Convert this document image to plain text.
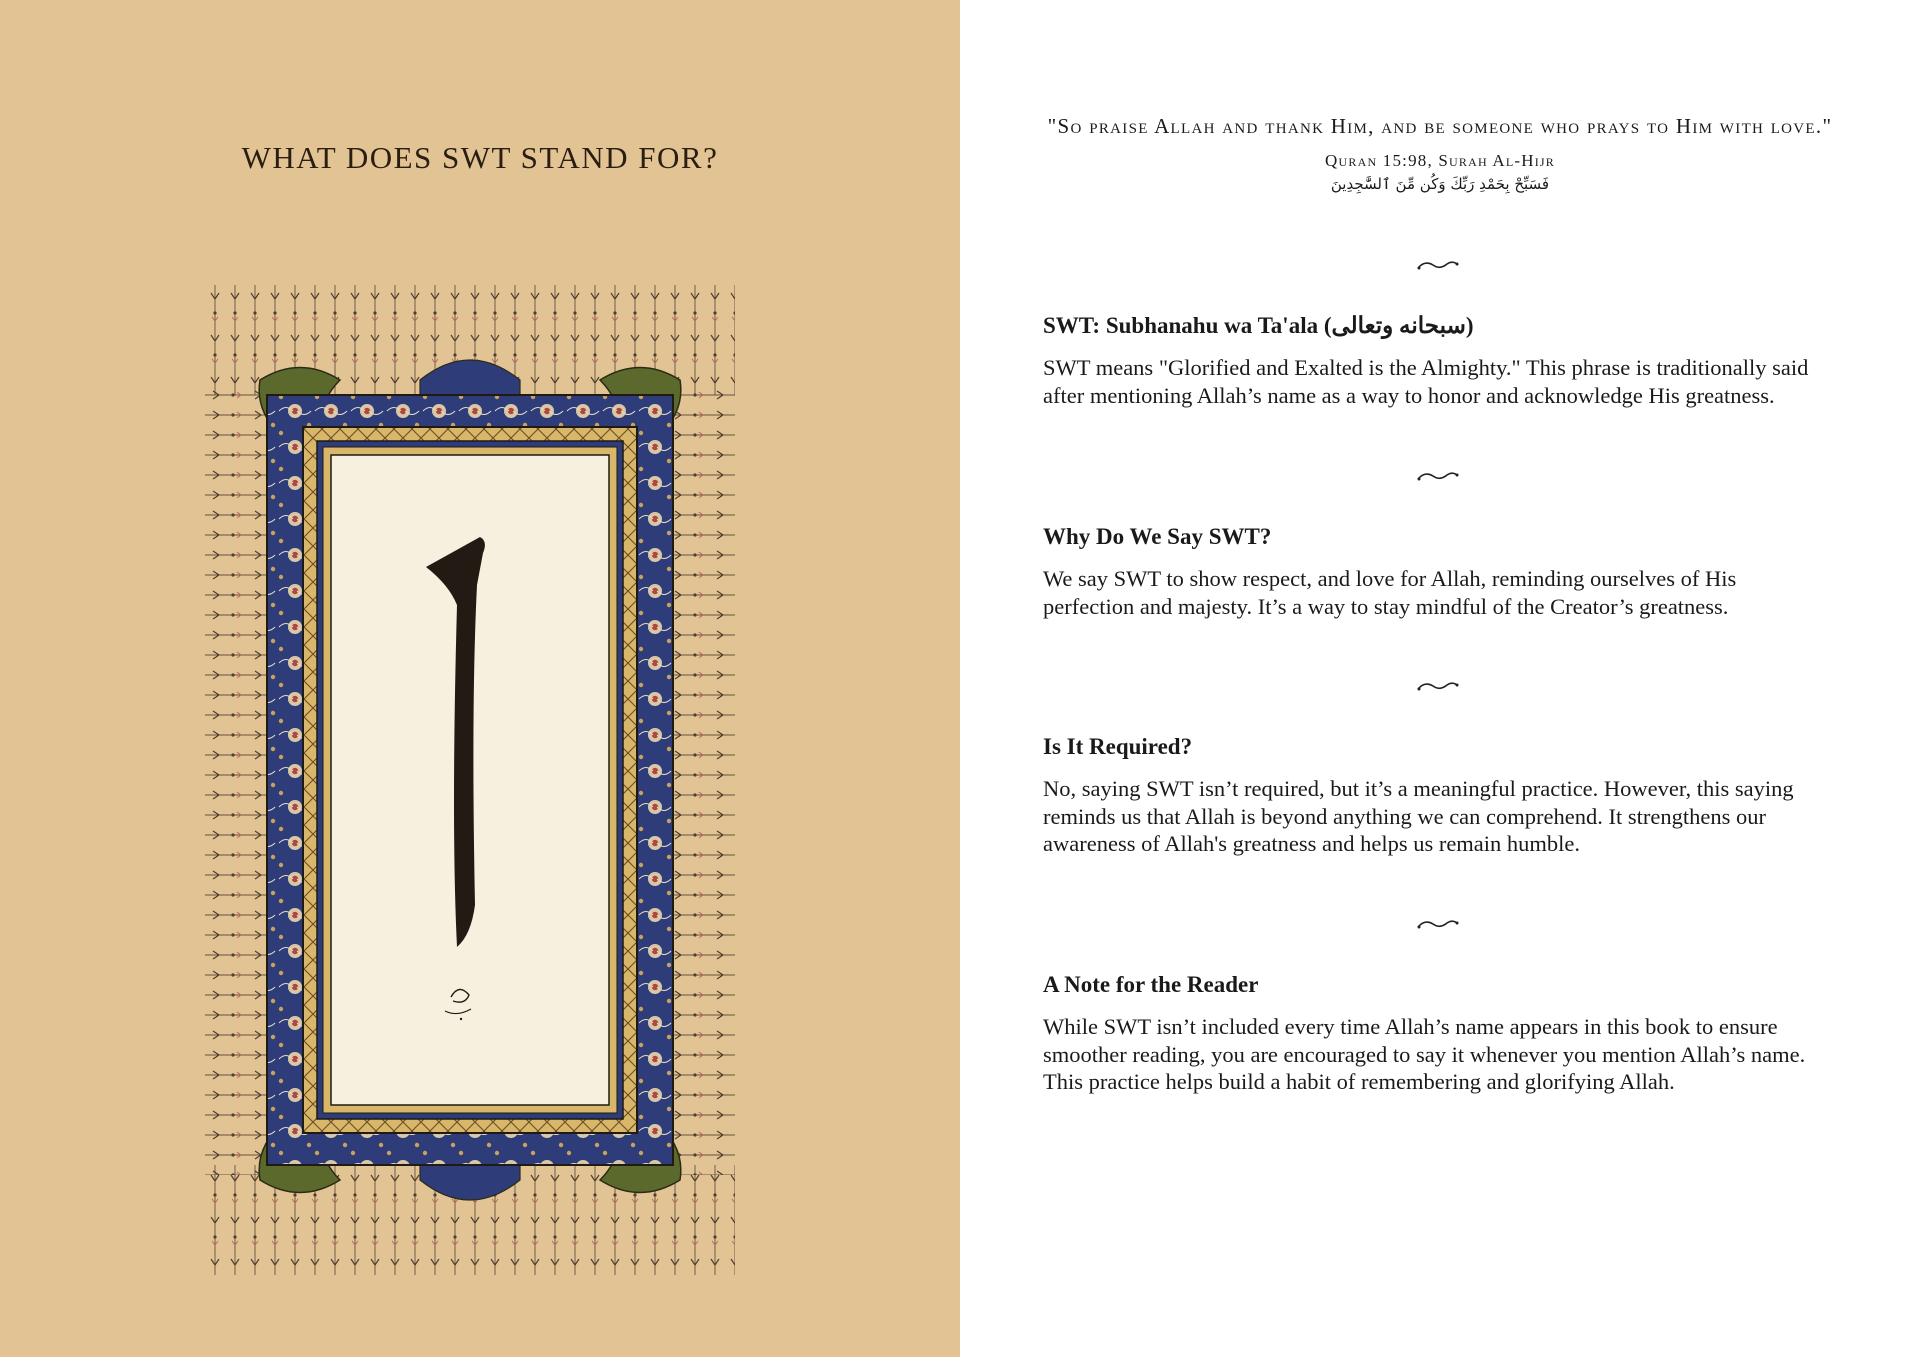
WHAT DOES SWT STAND FOR?
"So praise Allah and thank Him, and be someone who prays to Him with love."
Quran 15:98, Surah Al-Hijr
فَسَبِّحْ بِحَمْدِ رَبِّكَ وَكُن مِّنَ ٱلسَّٰجِدِينَ
SWT: Subhanahu wa Ta'ala (سبحانه وتعالى)

SWT means "Glorified and Exalted is the Almighty." This phrase is traditionally said after mentioning Allah’s name as a way to honor and acknowledge His greatness.

Why Do We Say SWT?

We say SWT to show respect, and love for Allah, reminding ourselves of His perfection and majesty. It’s a way to stay mindful of the Creator’s greatness.

Is It Required?

No, saying SWT isn’t required, but it’s a meaningful practice. However, this saying reminds us that Allah is beyond anything we can comprehend. It strengthens our awareness of Allah's greatness and helps us remain humble.

A Note for the Reader

While SWT isn’t included every time Allah’s name appears in this book to ensure smoother reading, you are encouraged to say it whenever you mention Allah’s name. This practice helps build a habit of remembering and glorifying Allah.
